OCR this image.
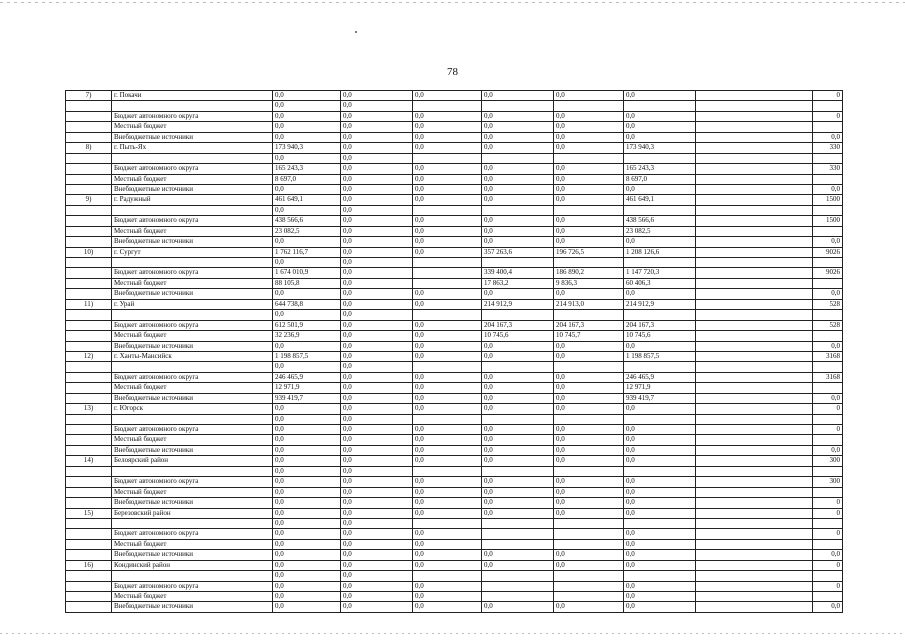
78
7)	г. Покачи	0,0	0,0	0,0	0,0	0,0	0,0		0
		0,0	0,0						
	Бюджет автономного округа	0,0	0,0	0,0	0,0	0,0	0,0		0
	Местный бюджет	0,0	0,0	0,0	0,0	0,0	0,0		
	Внебюджетные источники	0,0	0,0	0,0	0,0	0,0	0,0		0,0
8)	г. Пыть-Ях	173 940,3	0,0	0,0	0,0	0,0	173 940,3		330
		0,0	0,0						
	Бюджет автономного округа	165 243,3	0,0	0,0	0,0	0,0	165 243,3		330
	Местный бюджет	8 697,0	0,0	0,0	0,0	0,0	8 697,0		
	Внебюджетные источники	0,0	0,0	0,0	0,0	0,0	0,0		0,0
9)	г. Радужный	461 649,1	0,0	0,0	0,0	0,0	461 649,1		1500
		0,0	0,0						
	Бюджет автономного округа	438 566,6	0,0	0,0	0,0	0,0	438 566,6		1500
	Местный бюджет	23 082,5	0,0	0,0	0,0	0,0	23 082,5		
	Внебюджетные источники	0,0	0,0	0,0	0,0	0,0	0,0		0,0
10)	г. Сургут	1 762 116,7	0,0	0,0	357 263,6	196 726,5	1 208 126,6		9026
		0,0	0,0						
	Бюджет автономного округа	1 674 010,9	0,0		339 400,4	186 890,2	1 147 720,3		9026
	Местный бюджет	88 105,8	0,0		17 863,2	9 836,3	60 406,3		
	Внебюджетные источники	0,0	0,0	0,0	0,0	0,0	0,0		0,0
11)	г. Урай	644 738,8	0,0	0,0	214 912,9	214 913,0	214 912,9		528
		0,0	0,0						
	Бюджет автономного округа	612 501,9	0,0	0,0	204 167,3	204 167,3	204 167,3		528
	Местный бюджет	32 236,9	0,0	0,0	10 745,6	10 745,7	10 745,6		
	Внебюджетные источники	0,0	0,0	0,0	0,0	0,0	0,0		0,0
12)	г. Ханты-Мансийск	1 198 857,5	0,0	0,0	0,0	0,0	1 198 857,5		3168
		0,0	0,0						
	Бюджет автономного округа	246 465,9	0,0	0,0	0,0	0,0	246 465,9		3168
	Местный бюджет	12 971,9	0,0	0,0	0,0	0,0	12 971,9		
	Внебюджетные источники	939 419,7	0,0	0,0	0,0	0,0	939 419,7		0,0
13)	г. Югорск	0,0	0,0	0,0	0,0	0,0	0,0		0
		0,0	0,0						
	Бюджет автономного округа	0,0	0,0	0,0	0,0	0,0	0,0		0
	Местный бюджет	0,0	0,0	0,0	0,0	0,0	0,0		
	Внебюджетные источники	0,0	0,0	0,0	0,0	0,0	0,0		0,0
14)	Белоярский район	0,0	0,0	0,0	0,0	0,0	0,0		300
		0,0	0,0						
	Бюджет автономного округа	0,0	0,0	0,0	0,0	0,0	0,0		300
	Местный бюджет	0,0	0,0	0,0	0,0	0,0	0,0		
	Внебюджетные источники	0,0	0,0	0,0	0,0	0,0	0,0		0
15)	Березовский район	0,0	0,0	0,0	0,0	0,0	0,0		0
		0,0	0,0						
	Бюджет автономного округа	0,0	0,0	0,0			0,0		0
	Местный бюджет	0,0	0,0	0,0			0,0		
	Внебюджетные источники	0,0	0,0	0,0	0,0	0,0	0,0		0,0
16)	Кондинский район	0,0	0,0	0,0	0,0	0,0	0,0		0
		0,0	0,0						
	Бюджет автономного округа	0,0	0,0	0,0			0,0		0
	Местный бюджет	0,0	0,0	0,0			0,0		
	Внебюджетные источники	0,0	0,0	0,0	0,0	0,0	0,0		0,0
